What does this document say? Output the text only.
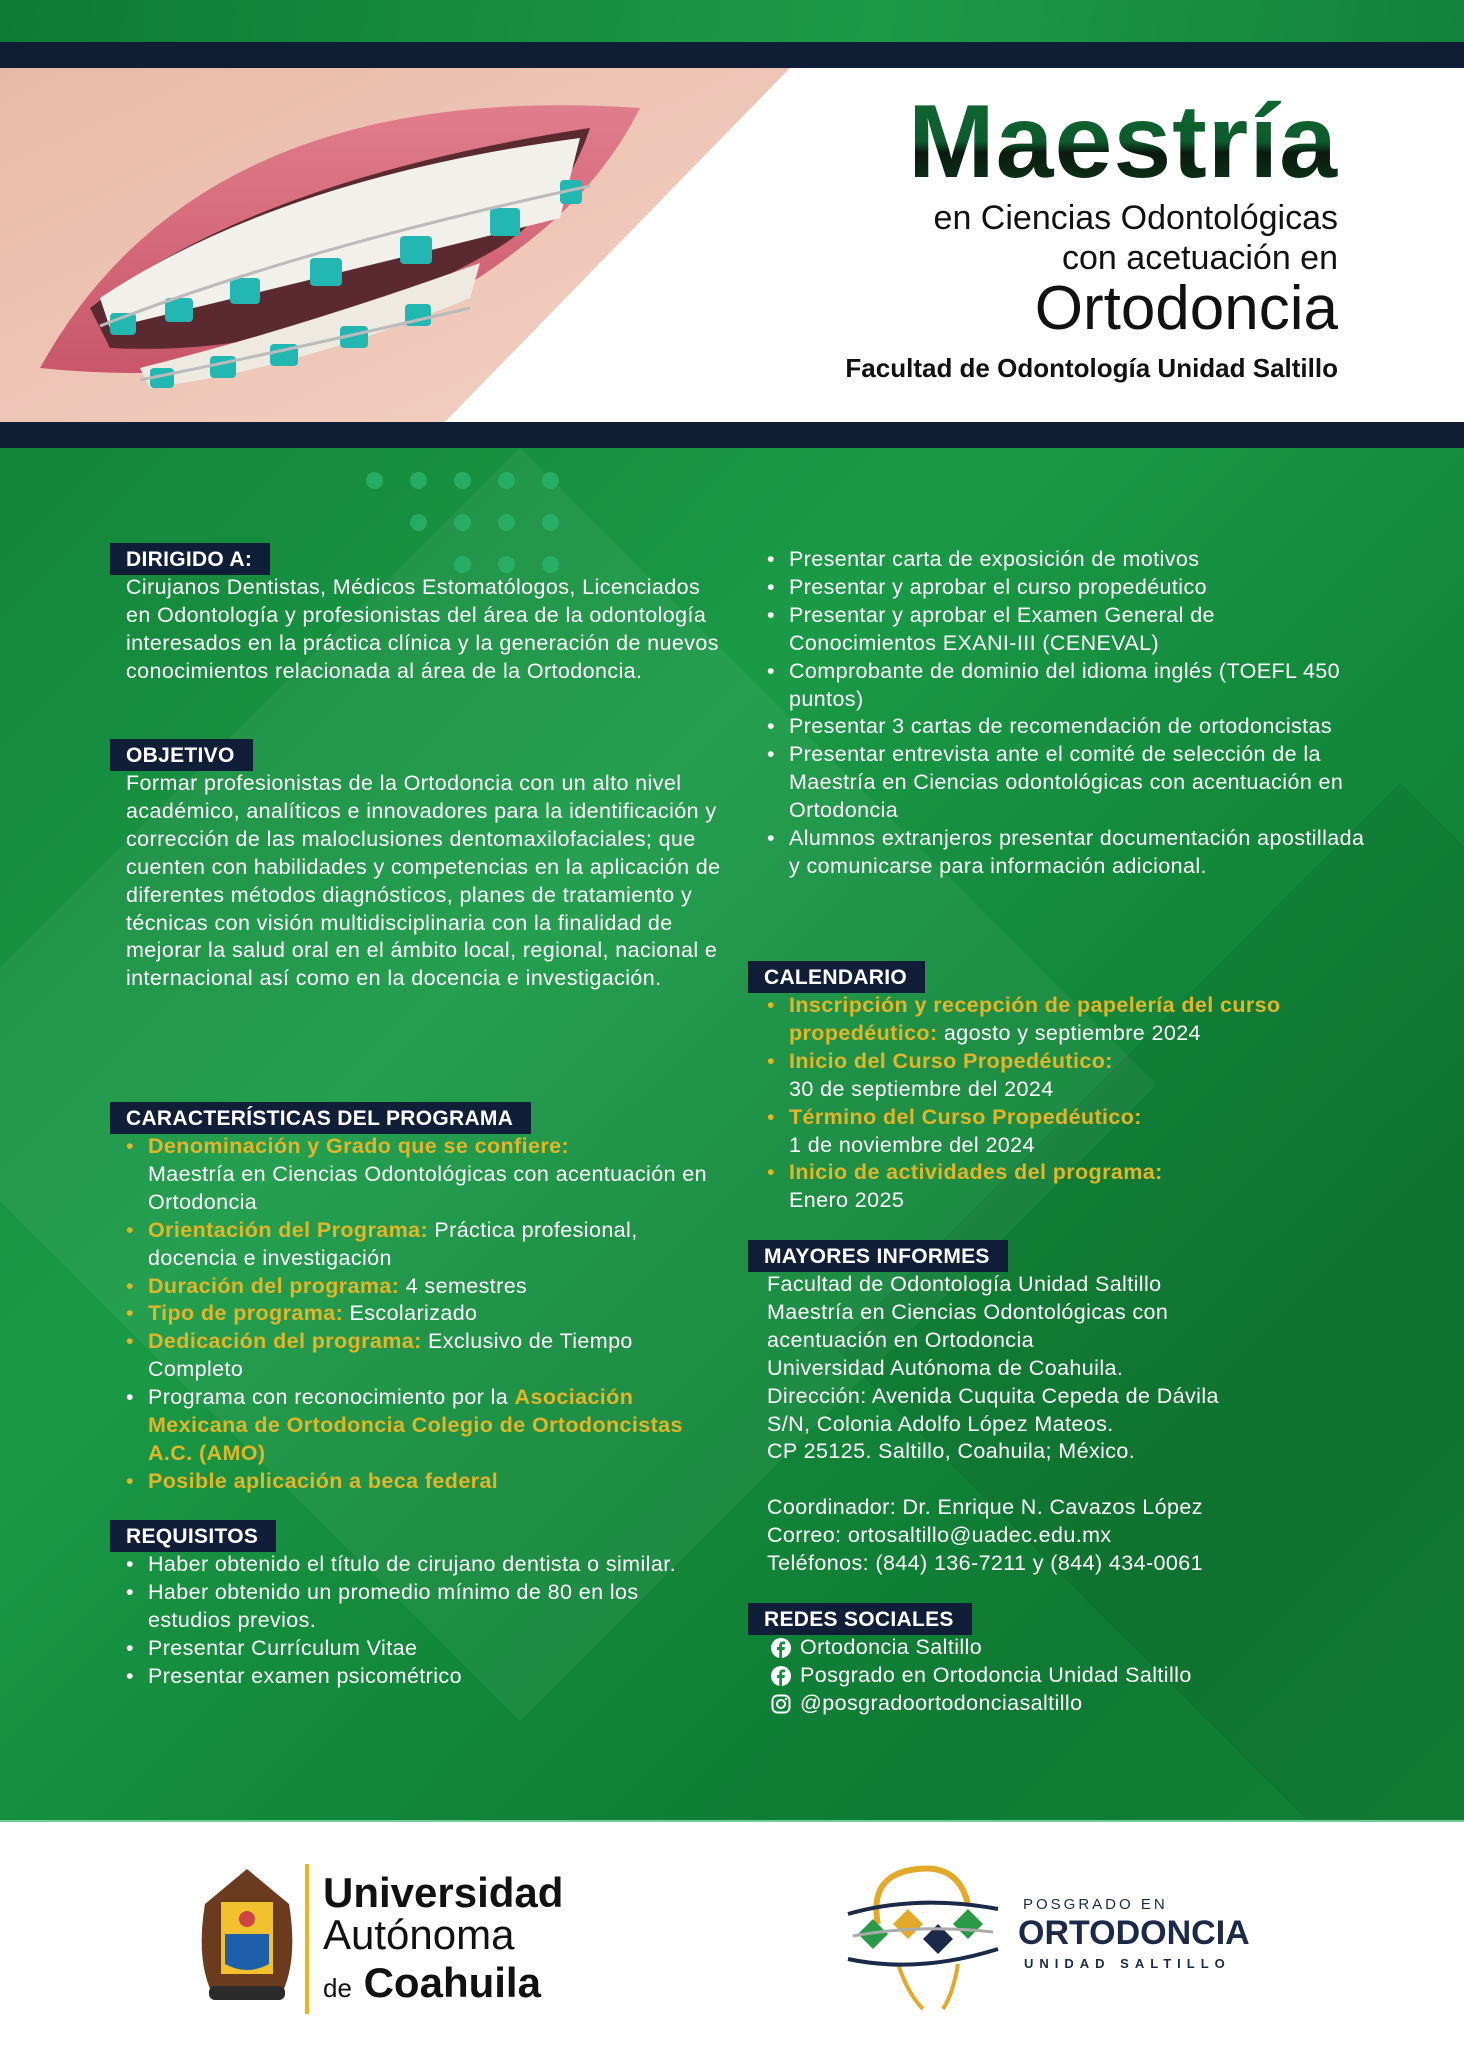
Maestría
en Ciencias Odontológicas
con acetuación en
Ortodoncia
Facultad de Odontología Unidad Saltillo
DIRIGIDO A:
Cirujanos Dentistas, Médicos Estomatólogos, Licenciados en Odontología y profesionistas del área de la odontología interesados en la práctica clínica y la generación de nuevos conocimientos relacionada al área de la Ortodoncia.
OBJETIVO
Formar profesionistas de la Ortodoncia con un alto nivel académico, analíticos e innovadores para la identificación y corrección de las maloclusiones dentomaxilofaciales; que cuenten con habilidades y competencias en la aplicación de diferentes métodos diagnósticos, planes de tratamiento y técnicas con visión multidisciplinaria con la finalidad de mejorar la salud oral en el ámbito local, regional, nacional e internacional así como en la docencia e investigación.
CARACTERÍSTICAS DEL PROGRAMA
• Denominación y Grado que se confiere:
Maestría en Ciencias Odontológicas con acentuación en Ortodoncia
• Orientación del Programa: Práctica profesional, docencia e investigación
• Duración del programa: 4 semestres
• Tipo de programa: Escolarizado
• Dedicación del programa: Exclusivo de Tiempo Completo
• Programa con reconocimiento por la Asociación Mexicana de Ortodoncia Colegio de Ortodoncistas A.C. (AMO)
• Posible aplicación a beca federal
REQUISITOS
• Haber obtenido el título de cirujano dentista o similar.
• Haber obtenido un promedio mínimo de 80 en los estudios previos.
• Presentar Currículum Vitae
• Presentar examen psicométrico
• Presentar carta de exposición de motivos
• Presentar y aprobar el curso propedéutico
• Presentar y aprobar el Examen General de Conocimientos EXANI-III (CENEVAL)
• Comprobante de dominio del idioma inglés (TOEFL 450 puntos)
• Presentar 3 cartas de recomendación de ortodoncistas
• Presentar entrevista ante el comité de selección de la Maestría en Ciencias odontológicas con acentuación en Ortodoncia
• Alumnos extranjeros presentar documentación apostillada y comunicarse para información adicional.
CALENDARIO
• Inscripción y recepción de papelería del curso propedéutico: agosto y septiembre 2024
• Inicio del Curso Propedéutico:
30 de septiembre del 2024
• Término del Curso Propedéutico:
1 de noviembre del 2024
• Inicio de actividades del programa:
Enero 2025
MAYORES INFORMES

Facultad de Odontología Unidad Saltillo

Maestría en Ciencias Odontológicas con

acentuación en Ortodoncia

Universidad Autónoma de Coahuila.

Dirección: Avenida Cuquita Cepeda de Dávila

S/N, Colonia Adolfo López Mateos.

CP 25125. Saltillo, Coahuila; México.

Coordinador: Dr. Enrique N. Cavazos López

Correo: ortosaltillo@uadec.edu.mx

Teléfonos: (844) 136-7211 y (844) 434-0061

REDES SOCIALES
Ortodoncia Saltillo
Posgrado en Ortodoncia Unidad Saltillo
@posgradoortodonciasaltillo
Universidad
Autónoma
de Coahuila
POSGRADO EN
ORTODONCIA
UNIDAD SALTILLO
